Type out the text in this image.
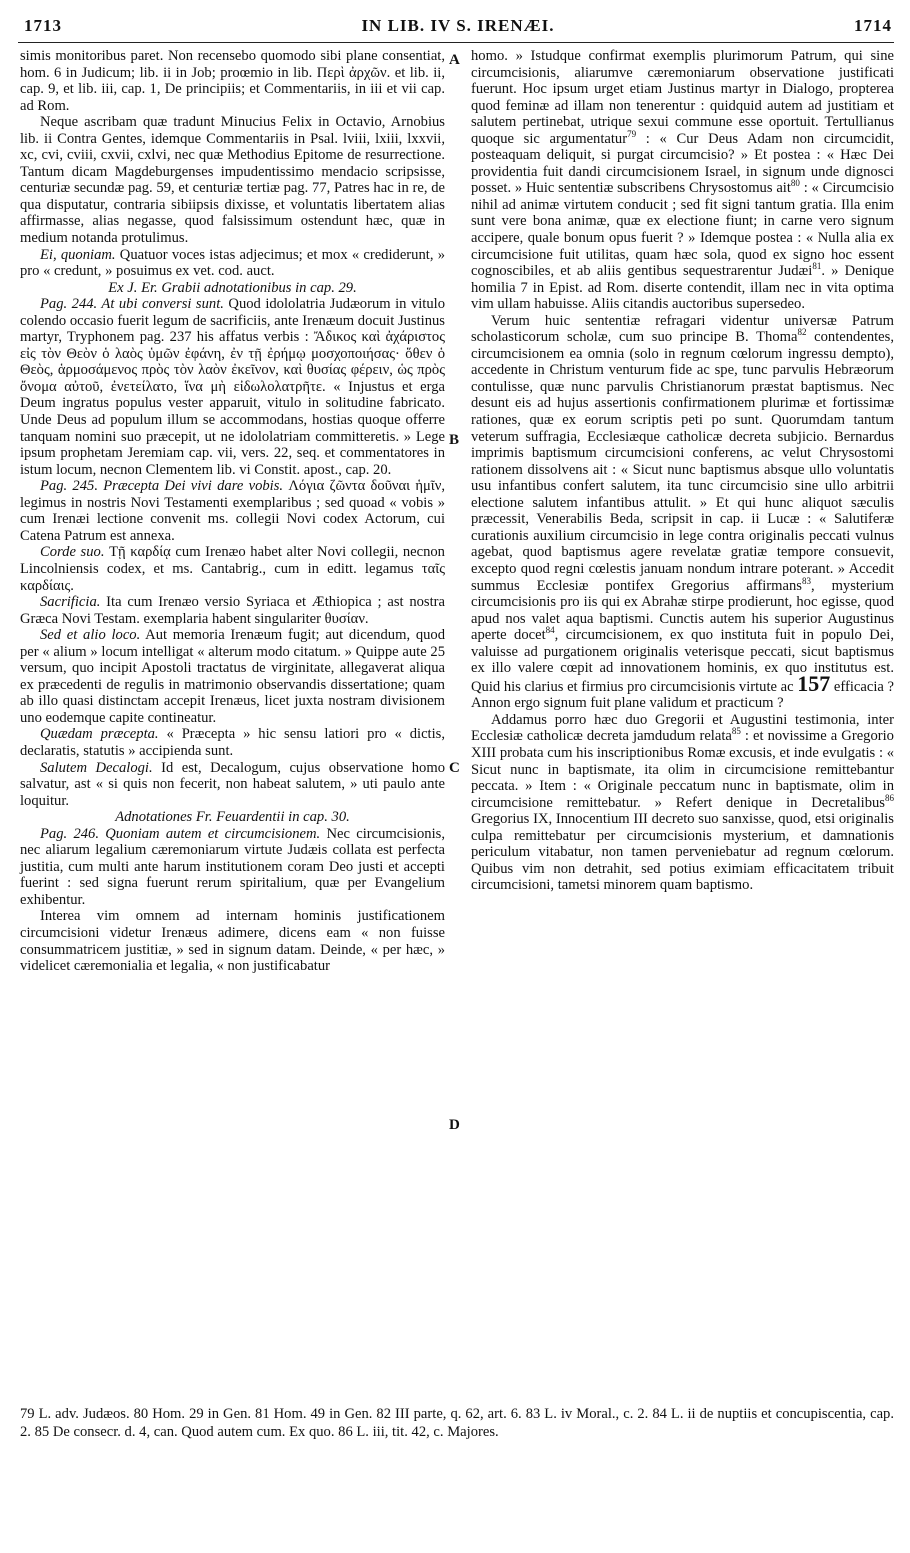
1713	IN LIB. IV S. IRENÆI.	1714
A
B
C
D

simis monitoribus paret. Non recensebo quomodo sibi plane consentiat, hom. 6 in Judicum; lib. ii in Job; proœmio in lib. Περὶ ἀρχῶν. et lib. ii, cap. 9, et lib. iii, cap. 1, De principiis; et Commentariis, in iii et vii cap. ad Rom.

Neque ascribam quæ tradunt Minucius Felix in Octavio, Arnobius lib. ii Contra Gentes, idemque Commentariis in Psal. lviii, lxiii, lxxvii, xc, cvi, cviii, cxvii, cxlvi, nec quæ Methodius Epitome de resurrectione. Tantum dicam Magdeburgenses impudentissimo mendacio scripsisse, centuriæ secundæ pag. 59, et centuriæ tertiæ pag. 77, Patres hac in re, de qua disputatur, contraria sibiipsis dixisse, et voluntatis libertatem alias affirmasse, alias negasse, quod falsissimum ostendunt hæc, quæ in medium notanda protulimus.

Ei, quoniam. Quatuor voces istas adjecimus; et mox « crediderunt, » pro « credunt, » posuimus ex vet. cod. auct.

Ex J. Er. Grabii adnotationibus in cap. 29.

Pag. 244. At ubi conversi sunt. Quod idololatria Judæorum in vitulo colendo occasio fuerit legum de sacrificiis, ante Irenæum docuit Justinus martyr, Tryphonem pag. 237 his affatus verbis : Ἄδικος καὶ ἀχάριστος εἰς τὸν Θεὸν ὁ λαὸς ὑμῶν ἐφάνη, ἐν τῇ ἐρήμῳ μοσχοποιήσας· ὅθεν ὁ Θεὸς, ἁρμοσάμενος πρὸς τὸν λαὸν ἐκεῖνον, καὶ θυσίας φέρειν, ὡς πρὸς ὄνομα αὐτοῦ, ἐνετείλατο, ἵνα μὴ εἰδωλολατρῆτε. « Injustus et erga Deum ingratus populus vester apparuit, vitulo in solitudine fabricato. Unde Deus ad populum illum se accommodans, hostias quoque offerre tanquam nomini suo præcepit, ut ne idololatriam committeretis. » Lege ipsum prophetam Jeremiam cap. vii, vers. 22, seq. et commentatores in istum locum, necnon Clementem lib. vi Constit. apost., cap. 20.

Pag. 245. Præcepta Dei vivi dare vobis. Λόγια ζῶντα δοῦναι ἡμῖν, legimus in nostris Novi Testamenti exemplaribus ; sed quoad « vobis » cum Irenæi lectione convenit ms. collegii Novi codex Actorum, cui Catena Patrum est annexa.

Corde suo. Τῇ καρδίᾳ cum Irenæo habet alter Novi collegii, necnon Lincolniensis codex, et ms. Cantabrig., cum in editt. legamus ταῖς καρδίαις.

Sacrificia. Ita cum Irenæo versio Syriaca et Æthiopica ; ast nostra Græca Novi Testam. exemplaria habent singulariter θυσίαν.

Sed et alio loco. Aut memoria Irenæum fugit; aut dicendum, quod per « alium » locum intelligat « alterum modo citatum. » Quippe aute 25 versum, quo incipit Apostoli tractatus de virginitate, allegaverat aliqua ex præcedenti de regulis in matrimonio observandis dissertatione; quam ab illo quasi distinctam accepit Irenæus, licet juxta nostram divisionem uno eodemque capite contineatur.

Quædam præcepta. « Præcepta » hic sensu latiori pro « dictis, declaratis, statutis » accipienda sunt.

Salutem Decalogi. Id est, Decalogum, cujus observatione homo salvatur, ast « si quis non fecerit, non habeat salutem, » uti paulo ante loquitur.

Adnotationes Fr. Feuardentii in cap. 30.

Pag. 246. Quoniam autem et circumcisionem. Nec circumcisionis, nec aliarum legalium cæremoniarum virtute Judæis collata est perfecta justitia, cum multi ante harum institutionem coram Deo justi et accepti fuerint : sed signa fuerunt rerum spiritalium, quæ per Evangelium exhibentur.

Interea vim omnem ad internam hominis justificationem circumcisioni videtur Irenæus adimere, dicens eam « non fuisse consummatricem justitiæ, » sed in signum datam. Deinde, « per hæc, » videlicet cæremonialia et legalia, « non justificabatur

homo. » Istudque confirmat exemplis plurimorum Patrum, qui sine circumcisionis, aliarumve cæremoniarum observatione justificati fuerunt. Hoc ipsum urget etiam Justinus martyr in Dialogo, propterea quod feminæ ad illam non tenerentur : quidquid autem ad justitiam et salutem pertinebat, utrique sexui commune esse oportuit. Tertullianus quoque sic argumentatur$^{79}$ : « Cur Deus Adam non circumcidit, posteaquam deliquit, si purgat circumcisio? » Et postea : « Hæc Dei providentia fuit dandi circumcisionem Israel, in signum unde dignosci posset. » Huic sententiæ subscribens Chrysostomus ait$^{80}$ : « Circumcisio nihil ad animæ virtutem conducit ; sed fit signi tantum gratia. Illa enim sunt vere bona animæ, quæ ex electione fiunt; in carne vero signum accipere, quale bonum opus fuerit ? » Idemque postea : « Nulla alia ex circumcisione fuit utilitas, quam hæc sola, quod ex signo hoc essent cognoscibiles, et ab aliis gentibus sequestrarentur Judæi$^{81}$. » Denique homilia 7 in Epist. ad Rom. diserte contendit, illam nec in vita optima vim ullam habuisse. Aliis citandis auctoribus supersedeo.

Verum huic sententiæ refragari videntur universæ Patrum scholasticorum scholæ, cum suo principe B. Thoma$^{82}$ contendentes, circumcisionem ea omnia (solo in regnum cœlorum ingressu dempto), accedente in Christum venturum fide ac spe, tunc parvulis Hebræorum contulisse, quæ nunc parvulis Christianorum præstat baptismus. Nec desunt eis ad hujus assertionis confirmationem plurimæ et fortissimæ rationes, quæ ex eorum scriptis peti po sunt. Quorumdam tantum veterum suffragia, Ecclesiæque catholicæ decreta subjicio. Bernardus imprimis baptismum circumcisioni conferens, ac velut Chrysostomi rationem dissolvens ait : « Sicut nunc baptismus absque ullo voluntatis usu infantibus confert salutem, ita tunc circumcisio sine ullo arbitrii electione salutem infantibus attulit. » Et qui hunc aliquot sæculis præcessit, Venerabilis Beda, scripsit in cap. ii Lucæ : « Salutiferæ curationis auxilium circumcisio in lege contra originalis peccati vulnus agebat, quod baptismus agere revelatæ gratiæ tempore consuevit, excepto quod regni cœlestis januam nondum intrare poterant. » Accedit summus Ecclesiæ pontifex Gregorius affirmans$^{83}$, mysterium circumcisionis pro iis qui ex Abrahæ stirpe prodierunt, hoc egisse, quod apud nos valet aqua baptismi. Cunctis autem his superior Augustinus aperte docet$^{84}$, circumcisionem, ex quo instituta fuit in populo Dei, valuisse ad purgationem originalis veterisque peccati, sicut baptismus ex illo valere cœpit ad innovationem hominis, ex quo institutus est. Quid his clarius et firmius pro circumcisionis virtute ac 157 efficacia ? Annon ergo signum fuit plane validum et practicum ?

Addamus porro hæc duo Gregorii et Augustini testimonia, inter Ecclesiæ catholicæ decreta jamdudum relata$^{85}$ : et novissime a Gregorio XIII probata cum his inscriptionibus Romæ excusis, et inde evulgatis : « Sicut nunc in baptismate, ita olim in circumcisione remittebantur peccata. » Item : « Originale peccatum nunc in baptismate, olim in circumcisione remittebatur. » Refert denique in Decretalibus$^{86}$ Gregorius IX, Innocentium III decreto suo sanxisse, quod, etsi originalis culpa remittebatur per circumcisionis mysterium, et damnationis periculum vitabatur, non tamen perveniebatur ad regnum cœlorum. Quibus vim non detrahit, sed potius eximiam efficacitatem tribuit circumcisioni, tametsi minorem quam baptismo.

79 L. adv. Judæos. 80 Hom. 29 in Gen. 81 Hom. 49 in Gen. 82 III parte, q. 62, art. 6. 83 L. iv Moral., c. 2. 84 L. ii de nuptiis et concupiscentia, cap. 2. 85 De consecr. d. 4, can. Quod autem cum. Ex quo. 86 L. iii, tit. 42, c. Majores.
